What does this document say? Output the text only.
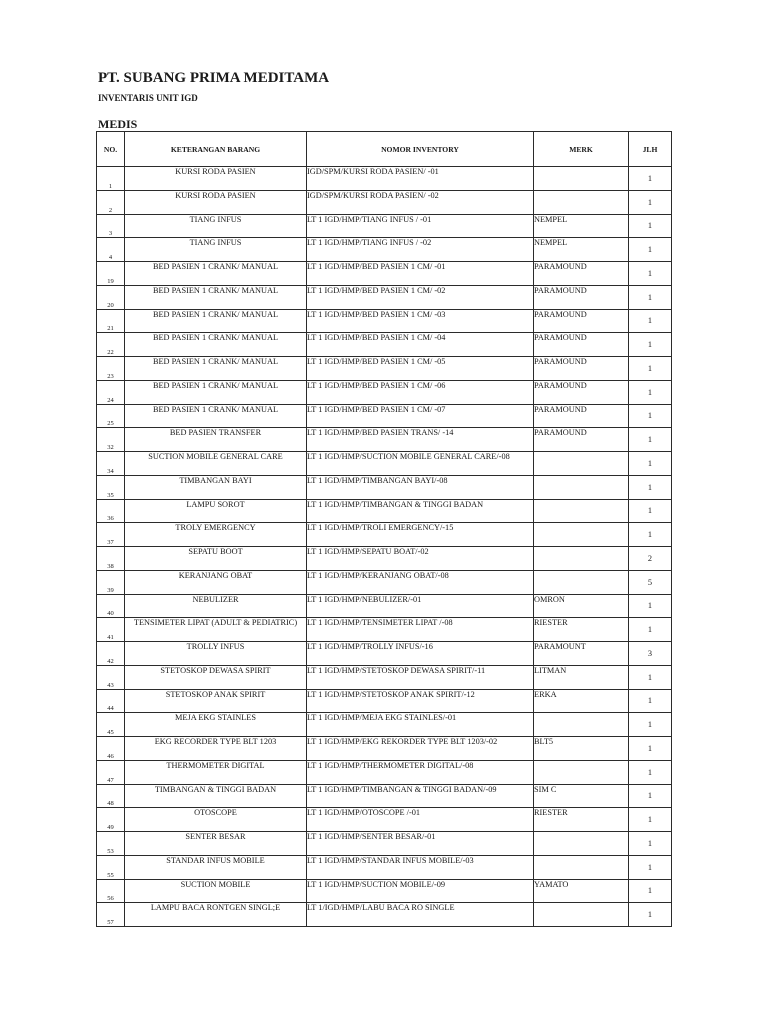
PT. SUBANG PRIMA MEDITAMA
INVENTARIS UNIT IGD
MEDIS
NO.	KETERANGAN BARANG	NOMOR INVENTORY	MERK	JLH
1	KURSI RODA PASIEN	IGD/SPM/KURSI RODA PASIEN/ -01		1
2	KURSI RODA PASIEN	IGD/SPM/KURSI RODA PASIEN/ -02		1
3	TIANG INFUS	LT 1 IGD/HMP/TIANG INFUS / -01	NEMPEL	1
4	TIANG INFUS	LT 1 IGD/HMP/TIANG INFUS / -02	NEMPEL	1
19	BED PASIEN 1 CRANK/ MANUAL	LT 1 IGD/HMP/BED PASIEN 1 CM/ -01	PARAMOUND	1
20	BED PASIEN 1 CRANK/ MANUAL	LT 1 IGD/HMP/BED PASIEN 1 CM/ -02	PARAMOUND	1
21	BED PASIEN 1 CRANK/ MANUAL	LT 1 IGD/HMP/BED PASIEN 1 CM/ -03	PARAMOUND	1
22	BED PASIEN 1 CRANK/ MANUAL	LT 1 IGD/HMP/BED PASIEN 1 CM/ -04	PARAMOUND	1
23	BED PASIEN 1 CRANK/ MANUAL	LT 1 IGD/HMP/BED PASIEN 1 CM/ -05	PARAMOUND	1
24	BED PASIEN 1 CRANK/ MANUAL	LT 1 IGD/HMP/BED PASIEN 1 CM/ -06	PARAMOUND	1
25	BED PASIEN 1 CRANK/ MANUAL	LT 1 IGD/HMP/BED PASIEN 1 CM/ -07	PARAMOUND	1
32	BED PASIEN TRANSFER	LT 1 IGD/HMP/BED PASIEN TRANS/ -14	PARAMOUND	1
34	SUCTION MOBILE GENERAL CARE	LT 1 IGD/HMP/SUCTION MOBILE GENERAL CARE/-08		1
35	TIMBANGAN BAYI	LT 1 IGD/HMP/TIMBANGAN BAYI/-08		1
36	LAMPU SOROT	LT 1 IGD/HMP/TIMBANGAN & TINGGI BADAN		1
37	TROLY EMERGENCY	LT 1 IGD/HMP/TROLI EMERGENCY/-15		1
38	SEPATU BOOT	LT 1 IGD/HMP/SEPATU BOAT/-02		2
39	KERANJANG OBAT	LT 1 IGD/HMP/KERANJANG OBAT/-08		5
40	NEBULIZER	LT 1 IGD/HMP/NEBULIZER/-01	OMRON	1
41	TENSIMETER LIPAT (ADULT & PEDIATRIC)	LT 1 IGD/HMP/TENSIMETER LIPAT /-08	RIESTER	1
42	TROLLY INFUS	LT 1 IGD/HMP/TROLLY INFUS/-16	PARAMOUNT	3
43	STETOSKOP DEWASA SPIRIT	LT 1 IGD/HMP/STETOSKOP DEWASA SPIRIT/-11	LITMAN	1
44	STETOSKOP ANAK SPIRIT	LT 1 IGD/HMP/STETOSKOP ANAK SPIRIT/-12	ERKA	1
45	MEJA EKG STAINLES	LT 1 IGD/HMP/MEJA EKG STAINLES/-01		1
46	EKG RECORDER TYPE BLT 1203	LT 1 IGD/HMP/EKG REKORDER TYPE BLT 1203/-02	BLT5	1
47	THERMOMETER DIGITAL	LT 1 IGD/HMP/THERMOMETER DIGITAL/-08		1
48	TIMBANGAN & TINGGI BADAN	LT 1 IGD/HMP/TIMBANGAN & TINGGI BADAN/-09	SIM C	1
49	OTOSCOPE	LT 1 IGD/HMP/OTOSCOPE /-01	RIESTER	1
53	SENTER BESAR	LT 1 IGD/HMP/SENTER BESAR/-01		1
55	STANDAR INFUS MOBILE	LT 1 IGD/HMP/STANDAR INFUS MOBILE/-03		1
56	SUCTION MOBILE	LT 1 IGD/HMP/SUCTION MOBILE/-09	YAMATO	1
57	LAMPU BACA RONTGEN SINGL;E	LT 1/IGD/HMP/LABU BACA RO SINGLE		1
